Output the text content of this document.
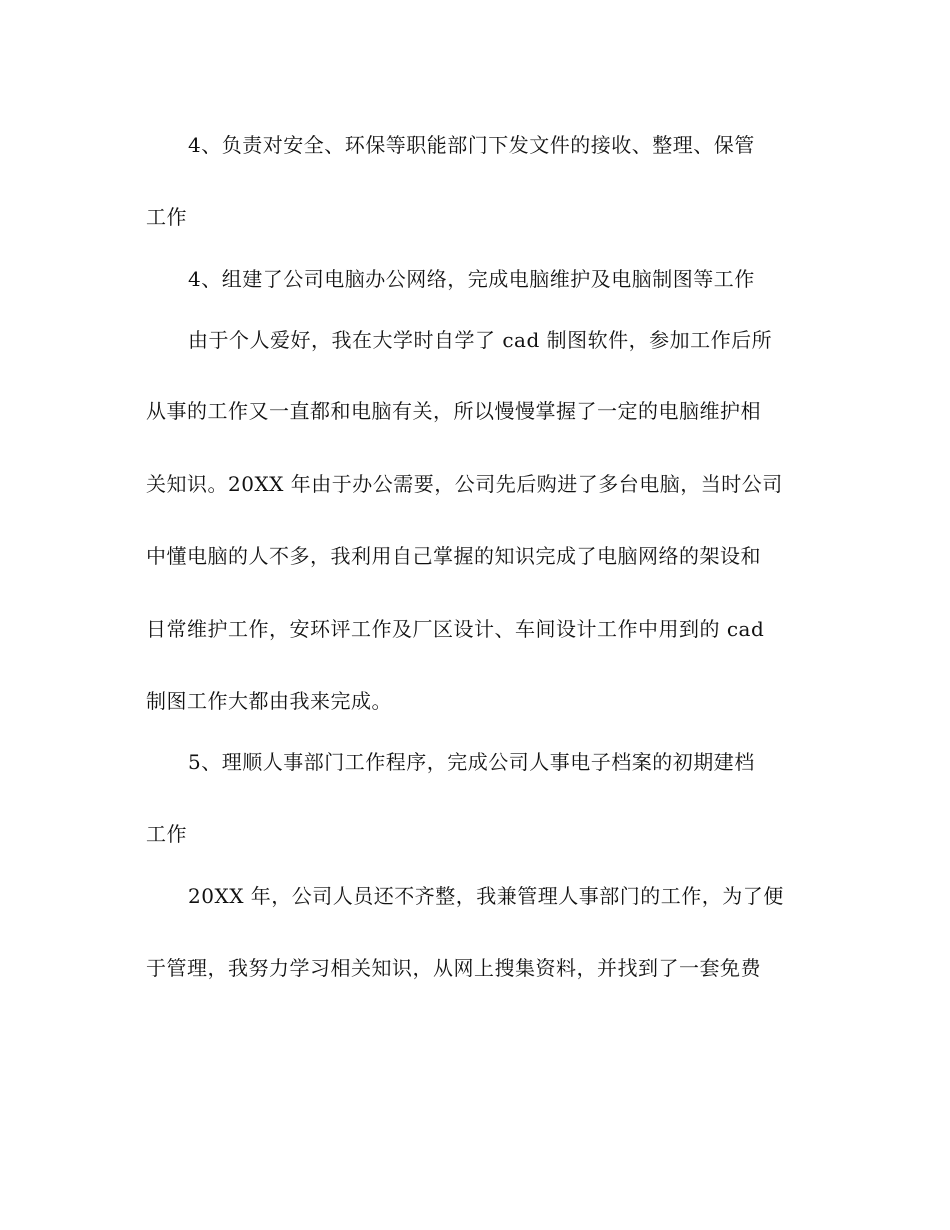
4、负责对安全、环保等职能部门下发文件的接收、整理、保管
工作
4、组建了公司电脑办公网络，完成电脑维护及电脑制图等工作
由于个人爱好，我在大学时自学了 cad 制图软件，参加工作后所
从事的工作又一直都和电脑有关，所以慢慢掌握了一定的电脑维护相
关知识。20XX 年由于办公需要，公司先后购进了多台电脑，当时公司
中懂电脑的人不多，我利用自己掌握的知识完成了电脑网络的架设和
日常维护工作，安环评工作及厂区设计、车间设计工作中用到的 cad
制图工作大都由我来完成。
5、理顺人事部门工作程序，完成公司人事电子档案的初期建档
工作
20XX 年，公司人员还不齐整，我兼管理人事部门的工作，为了便
于管理，我努力学习相关知识，从网上搜集资料，并找到了一套免费
